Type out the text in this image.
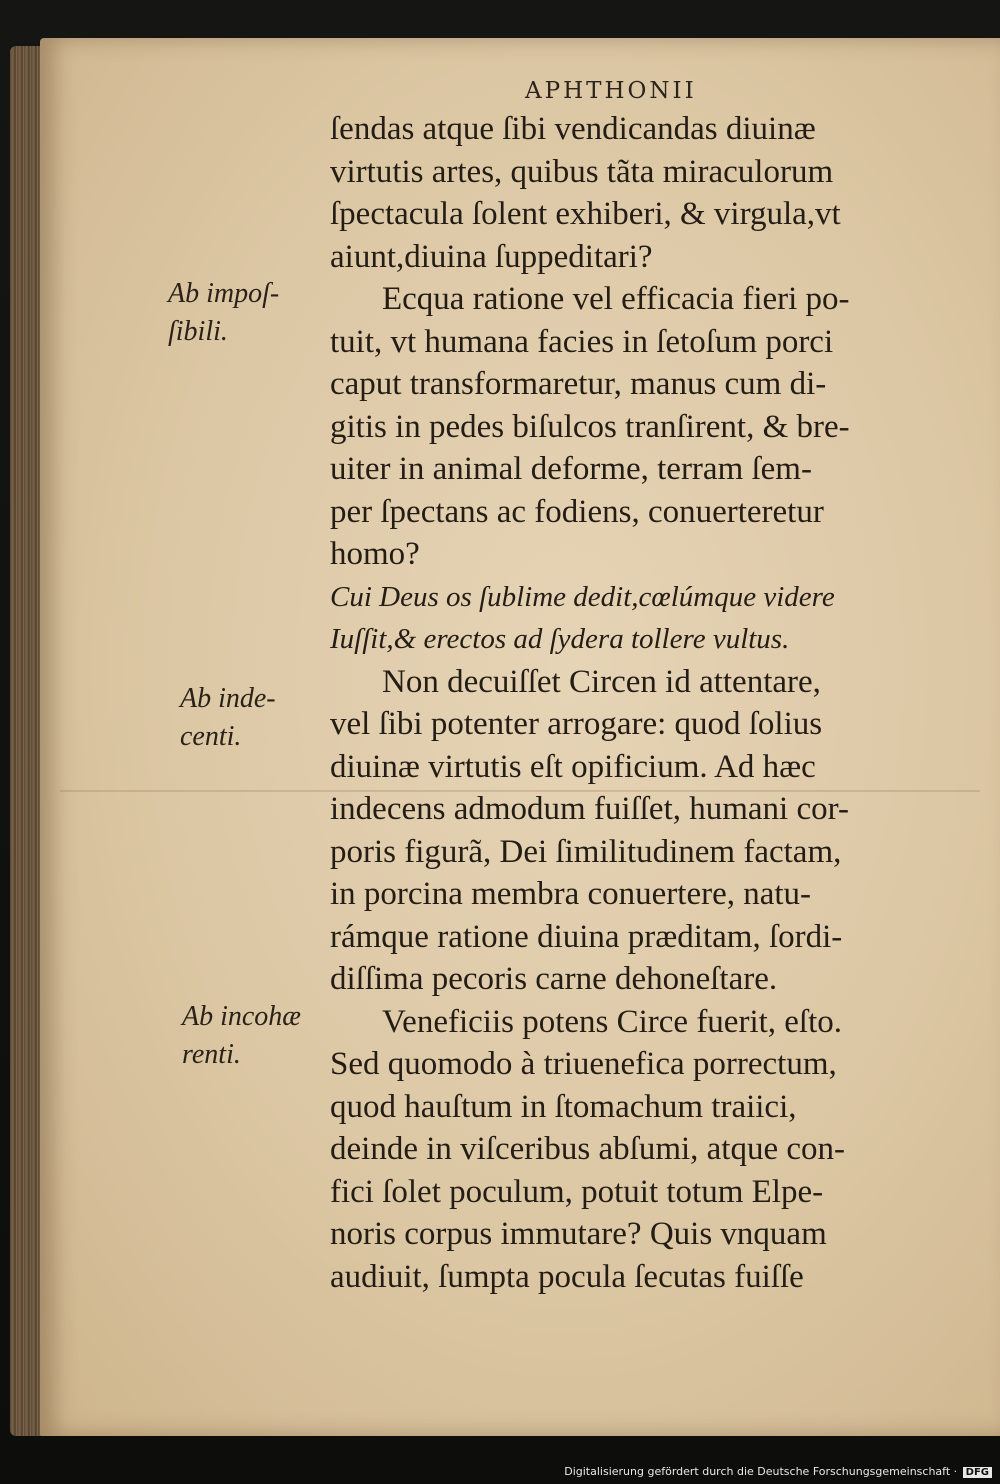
APHTHONII
Ab impoſ-
ſibili.
Ab inde-
centi.
Ab incohæ
renti.
ſendas atque ſibi vendicandas diuinæ
virtutis artes, quibus tãta miraculorum
ſpectacula ſolent exhiberi, & virgula,vt
aiunt,diuina ſuppeditari?
Ecqua ratione vel efficacia fieri po-
tuit, vt humana facies in ſetoſum porci
caput transformaretur, manus cum di-
gitis in pedes biſulcos tranſirent, & bre-
uiter in animal deforme, terram ſem-
per ſpectans ac fodiens, conuerteretur
homo?
Cui Deus os ſublime dedit,cœlúmque videre
Iuſſit,& erectos ad ſydera tollere vultus.
Non decuiſſet Circen id attentare,
vel ſibi potenter arrogare: quod ſolius
diuinæ virtutis eſt opificium. Ad hæc
indecens admodum fuiſſet, humani cor-
poris figurã, Dei ſimilitudinem factam,
in porcina membra conuertere, natu-
rámque ratione diuina præditam, ſordi-
diſſima pecoris carne dehoneſtare.
Veneficiis potens Circe fuerit, eſto.
Sed quomodo à triuenefica porrectum,
quod hauſtum in ſtomachum traiici,
deinde in viſceribus abſumi, atque con-
fici ſolet poculum, potuit totum Elpe-
noris corpus immutare? Quis vnquam
audiuit, ſumpta pocula ſecutas fuiſſe
Digitalisierung gefördert durch die Deutsche Forschungsgemeinschaft · DFG
